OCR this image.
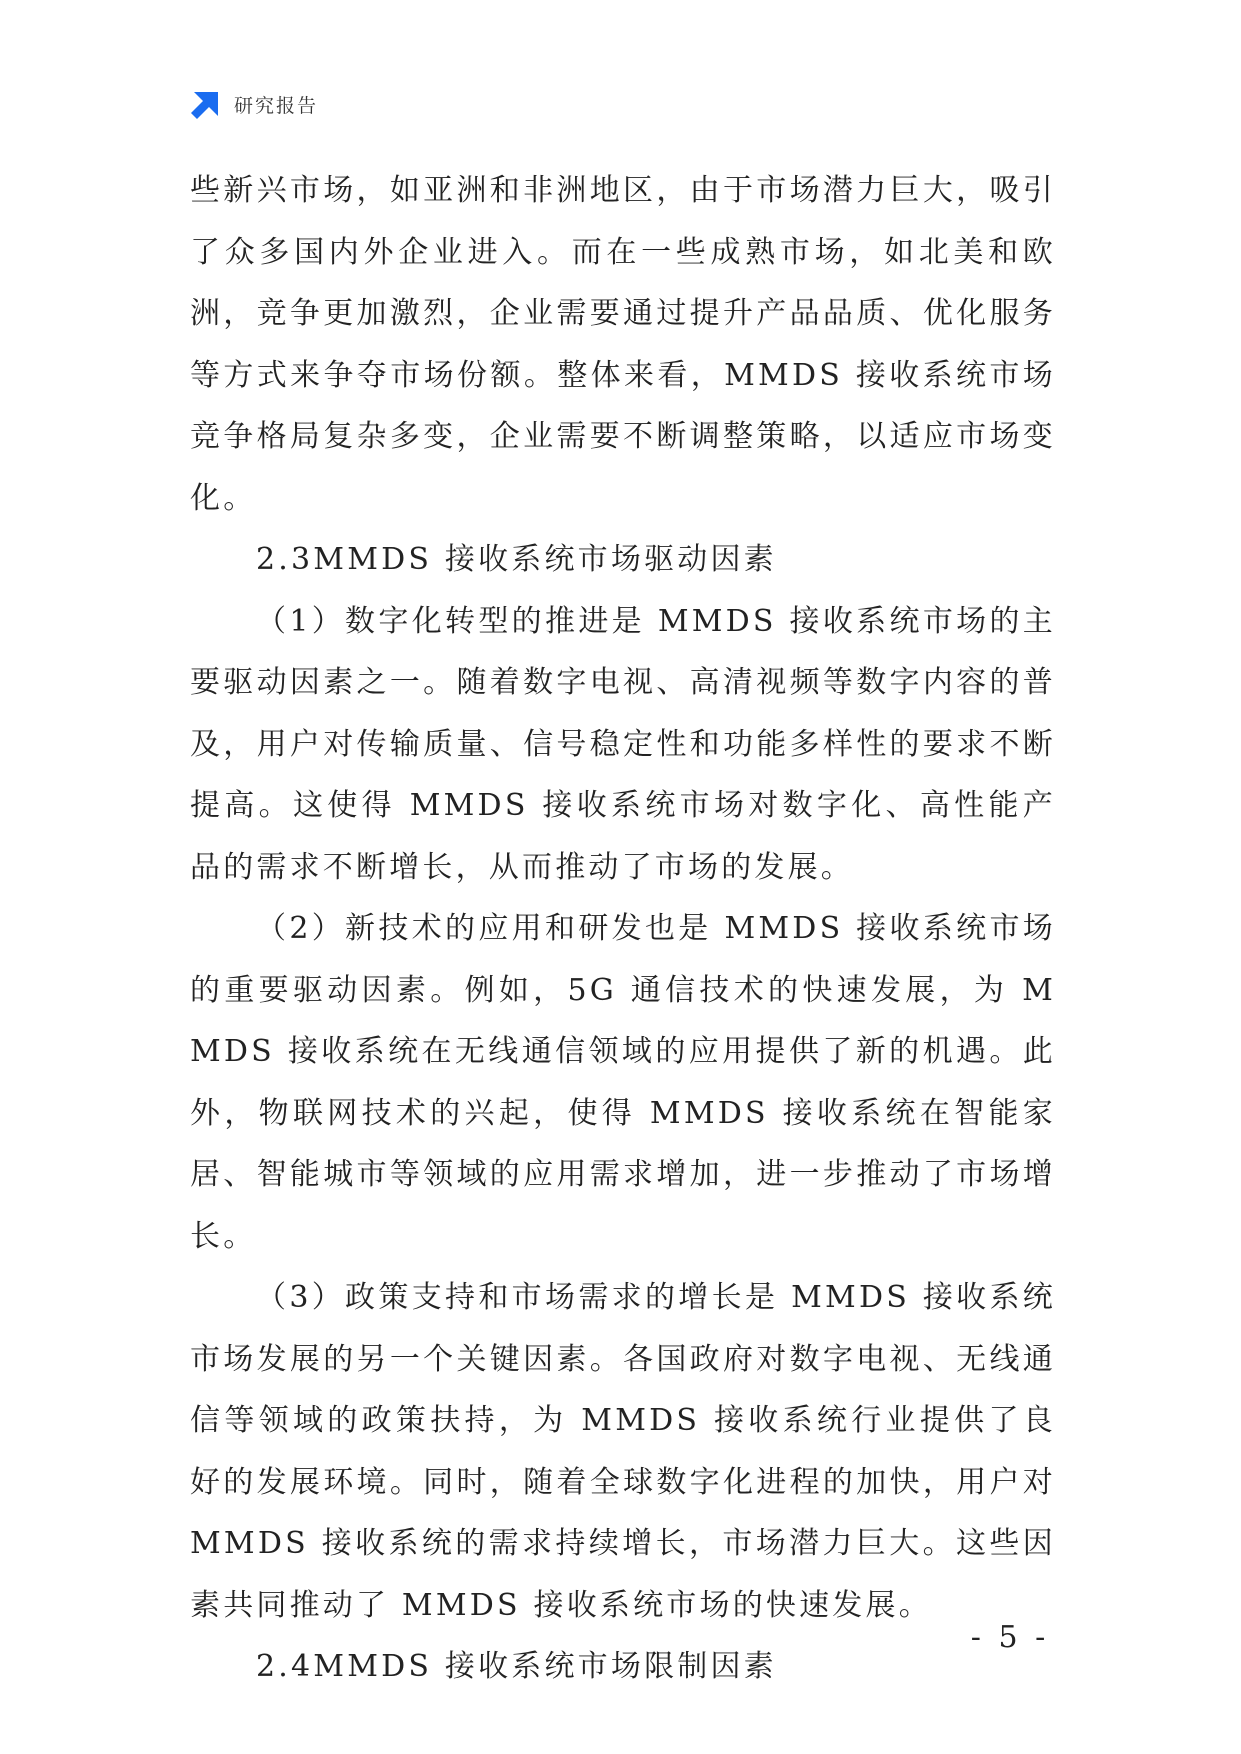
研究报告

些新兴市场，如亚洲和非洲地区，由于市场潜力巨大，吸引了众多国内外企业进入。而在一些成熟市场，如北美和欧洲，竞争更加激烈，企业需要通过提升产品品质、优化服务等方式来争夺市场份额。整体来看，MMDS 接收系统市场竞争格局复杂多变，企业需要不断调整策略，以适应市场变化。

2.3MMDS 接收系统市场驱动因素

（1）数字化转型的推进是 MMDS 接收系统市场的主要驱动因素之一。随着数字电视、高清视频等数字内容的普及，用户对传输质量、信号稳定性和功能多样性的要求不断提高。这使得 MMDS 接收系统市场对数字化、高性能产品的需求不断增长，从而推动了市场的发展。

（2）新技术的应用和研发也是 MMDS 接收系统市场的重要驱动因素。例如，5G 通信技术的快速发展，为 MMDS 接收系统在无线通信领域的应用提供了新的机遇。此外，物联网技术的兴起，使得 MMDS 接收系统在智能家居、智能城市等领域的应用需求增加，进一步推动了市场增长。

（3）政策支持和市场需求的增长是 MMDS 接收系统市场发展的另一个关键因素。各国政府对数字电视、无线通信等领域的政策扶持，为 MMDS 接收系统行业提供了良好的发展环境。同时，随着全球数字化进程的加快，用户对 MMDS 接收系统的需求持续增长，市场潜力巨大。这些因素共同推动了 MMDS 接收系统市场的快速发展。

2.4MMDS 接收系统市场限制因素

- 5 -
